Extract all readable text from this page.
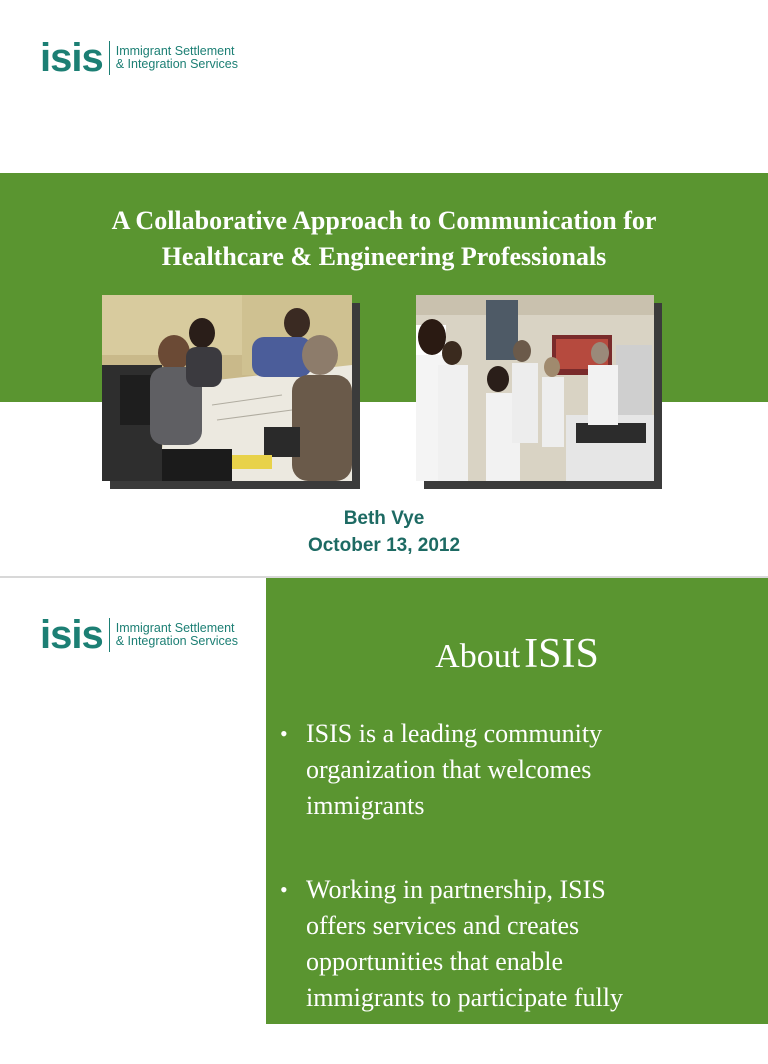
isis Immigrant Settlement
& Integration Services
A Collaborative Approach to Communication for
Healthcare & Engineering Professionals
Beth Vye
October 13, 2012
isis Immigrant Settlement
& Integration Services	About ISIS
• ISIS is a leading community
organization that welcomes
immigrants
• Working in partnership, ISIS
offers services and creates
opportunities that enable
immigrants to participate fully
